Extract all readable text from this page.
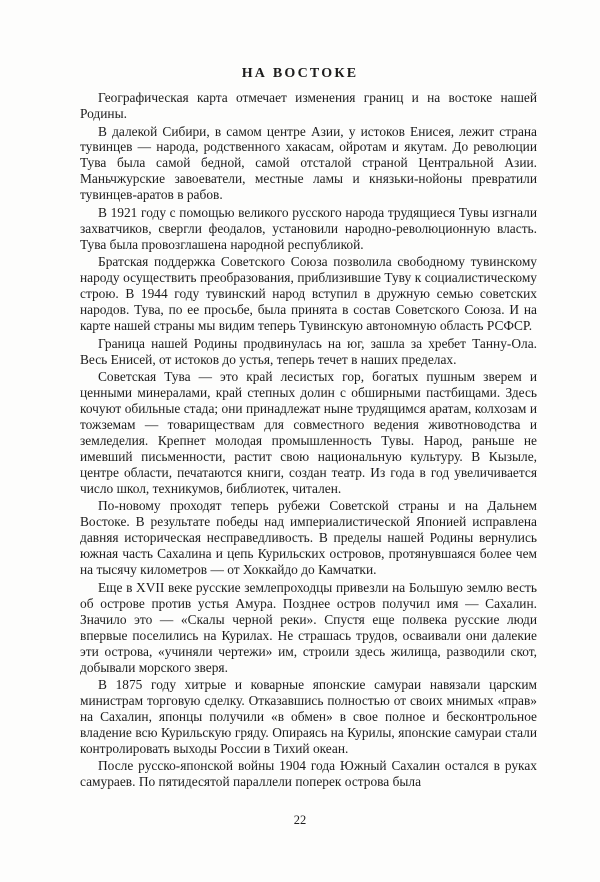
НА ВОСТОКЕ

Географическая карта отмечает изменения границ и на востоке нашей Родины.

В далекой Сибири, в самом центре Азии, у истоков Енисея, лежит страна тувинцев — народа, родственного хакасам, ойротам и якутам. До революции Тува была самой бедной, самой отсталой страной Центральной Азии. Маньчжурские завоеватели, местные ламы и князьки-нойоны превратили тувинцев-аратов в рабов.

В 1921 году с помощью великого русского народа трудящиеся Тувы изгнали захватчиков, свергли феодалов, установили народно-революционную власть. Тува была провозглашена народной республикой.

Братская поддержка Советского Союза позволила свободному тувинскому народу осуществить преобразования, приблизившие Туву к социалистическому строю. В 1944 году тувинский народ вступил в дружную семью советских народов. Тува, по ее просьбе, была принята в состав Советского Союза. И на карте нашей страны мы видим теперь Тувинскую автономную область РСФСР.

Граница нашей Родины продвинулась на юг, зашла за хребет Танну-Ола. Весь Енисей, от истоков до устья, теперь течет в наших пределах.

Советская Тува — это край лесистых гор, богатых пушным зверем и ценными минералами, край степных долин с обширными пастбищами. Здесь кочуют обильные стада; они принадлежат ныне трудящимся аратам, колхозам и тожземам — товариществам для совместного ведения животноводства и земледелия. Крепнет молодая промышленность Тувы. Народ, раньше не имевший письменности, растит свою национальную культуру. В Кызыле, центре области, печатаются книги, создан театр. Из года в год увеличивается число школ, техникумов, библиотек, читален.

По-новому проходят теперь рубежи Советской страны и на Дальнем Востоке. В результате победы над империалистической Японией исправлена давняя историческая несправедливость. В пределы нашей Родины вернулись южная часть Сахалина и цепь Курильских островов, протянувшаяся более чем на тысячу километров — от Хоккайдо до Камчатки.

Еще в XVII веке русские землепроходцы привезли на Большую землю весть об острове против устья Амура. Позднее остров получил имя — Сахалин. Значило это — «Скалы черной реки». Спустя еще полвека русские люди впервые поселились на Курилах. Не страшась трудов, осваивали они далекие эти острова, «учиняли чертежи» им, строили здесь жилища, разводили скот, добывали морского зверя.

В 1875 году хитрые и коварные японские самураи навязали царским министрам торговую сделку. Отказавшись полностью от своих мнимых «прав» на Сахалин, японцы получили «в обмен» в свое полное и бесконтрольное владение всю Курильскую гряду. Опираясь на Курилы, японские самураи стали контролировать выходы России в Тихий океан.

После русско-японской войны 1904 года Южный Сахалин остался в руках самураев. По пятидесятой параллели поперек острова была

22
